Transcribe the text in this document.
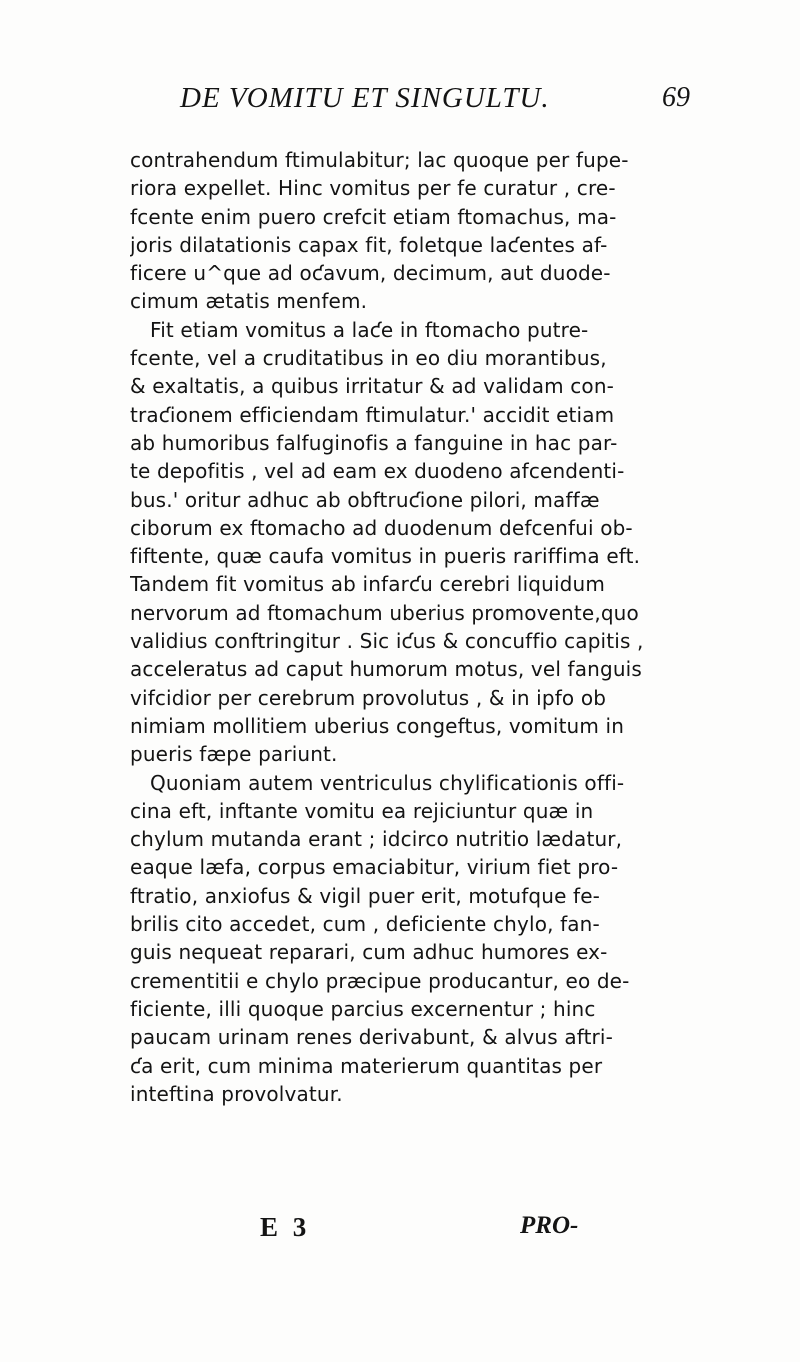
DE VOMITU ET SINGULTU.	69
contrahendum ftimulabitur; lac quoque per fupe-
riora expellet. Hinc vomitus per fe curatur , cre-
fcente enim puero crefcit etiam ftomachus, ma-
joris dilatationis capax fit, foletque laƈentes af-
ficere u^que ad oƈavum, decimum, aut duode-
cimum ætatis menfem.
Fit etiam vomitus a laƈe in ftomacho putre-
fcente, vel a cruditatibus in eo diu morantibus,
& exaltatis, a quibus irritatur & ad validam con-
traƈionem efficiendam ftimulatur.' accidit etiam
ab humoribus falfuginofis a fanguine in hac par-
te depofitis , vel ad eam ex duodeno afcendenti-
bus.' oritur adhuc ab obftruƈione pilori, maffæ
ciborum ex ftomacho ad duodenum defcenfui ob-
fiftente, quæ caufa vomitus in pueris rariffima eft.
Tandem fit vomitus ab infarƈu cerebri liquidum
nervorum ad ftomachum uberius promovente,quo
validius conftringitur . Sic iƈus & concuffio capitis ,
acceleratus ad caput humorum motus, vel fanguis
vifcidior per cerebrum provolutus , & in ipfo ob
nimiam mollitiem uberius congeftus, vomitum in
pueris fæpe pariunt.
Quoniam autem ventriculus chylificationis offi-
cina eft, inftante vomitu ea rejiciuntur quæ in
chylum mutanda erant ; idcirco nutritio lædatur,
eaque læfa, corpus emaciabitur, virium fiet pro-
ftratio, anxiofus & vigil puer erit, motufque fe-
brilis cito accedet, cum , deficiente chylo, fan-
guis nequeat reparari, cum adhuc humores ex-
crementitii e chylo præcipue producantur, eo de-
ficiente, illi quoque parcius excernentur ; hinc
paucam urinam renes derivabunt, & alvus aftri-
ƈa erit, cum minima materierum quantitas per
inteftina provolvatur.
E 3	PRO-
